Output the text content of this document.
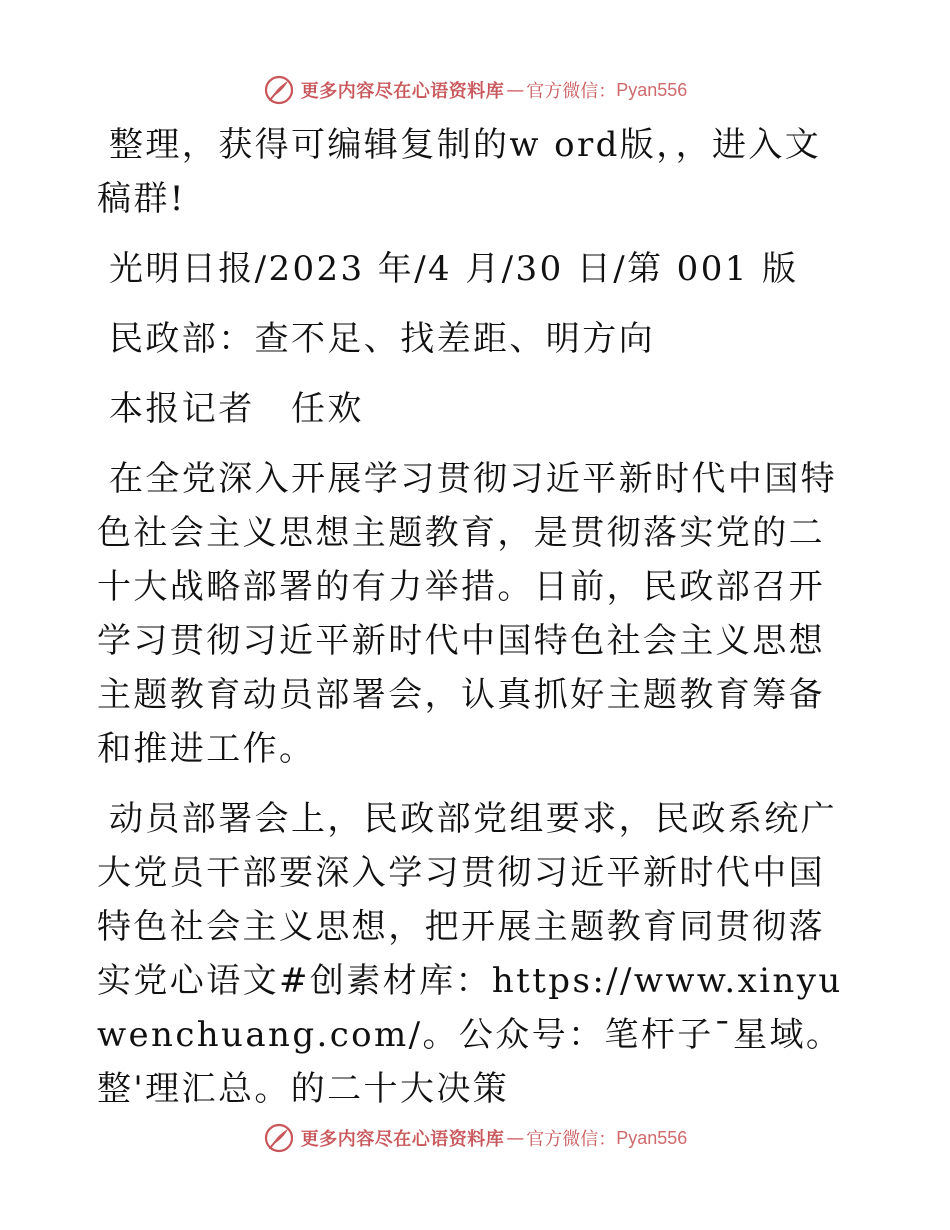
更多内容尽在心语资料库 — 官方微信： Pyan556

整理，获得可编辑复制的w ord版，，进入文稿群!

光明日报/2023 年/4 月/30 日/第 001 版

民政部：查不足、找差距、明方向

本报记者　任欢

在全党深入开展学习贯彻习近平新时代中国特色社会主义思想主题教育，是贯彻落实党的二十大战略部署的有力举措。日前，民政部召开学习贯彻习近平新时代中国特色社会主义思想主题教育动员部署会，认真抓好主题教育筹备和推进工作。

动员部署会上，民政部党组要求，民政系统广大党员干部要深入学习贯彻习近平新时代中国特色社会主义思想，把开展主题教育同贯彻落实党心语文#创素材库：https://www.xinyuwenchuang.com/。公众号：笔杆子¯星域。整'理汇总。的二十大决策

更多内容尽在心语资料库 — 官方微信： Pyan556
